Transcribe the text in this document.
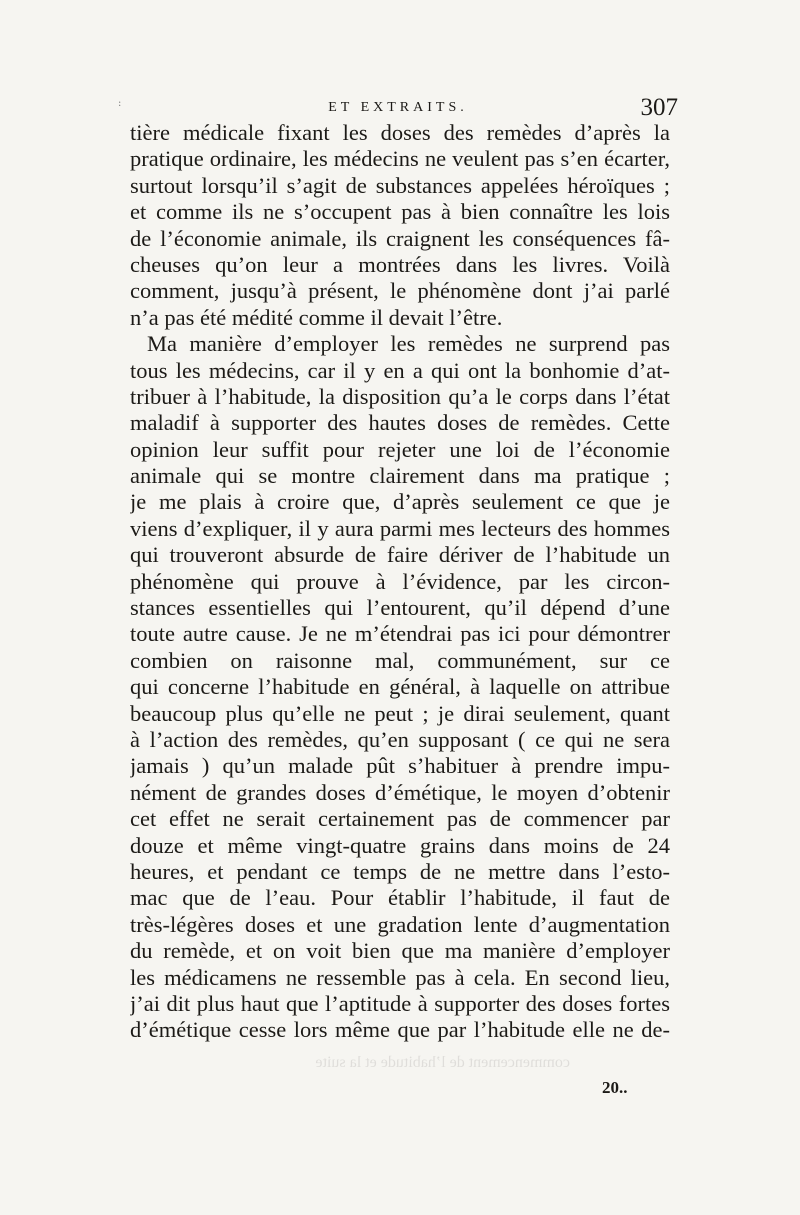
:	ET EXTRAITS.	307
tière médicale fixant les doses des remèdes d’après la
pratique ordinaire, les médecins ne veulent pas s’en écarter,
surtout lorsqu’il s’agit de substances appelées héroïques ;
et comme ils ne s’occupent pas à bien connaître les lois
de l’économie animale, ils craignent les conséquences fâ-
cheuses qu’on leur a montrées dans les livres. Voilà
comment, jusqu’à présent, le phénomène dont j’ai parlé
n’a pas été médité comme il devait l’être.
Ma manière d’employer les remèdes ne surprend pas
tous les médecins, car il y en a qui ont la bonhomie d’at-
tribuer à l’habitude, la disposition qu’a le corps dans l’état
maladif à supporter des hautes doses de remèdes. Cette
opinion leur suffit pour rejeter une loi de l’économie
animale qui se montre clairement dans ma pratique ;
je me plais à croire que, d’après seulement ce que je
viens d’expliquer, il y aura parmi mes lecteurs des hommes
qui trouveront absurde de faire dériver de l’habitude un
phénomène qui prouve à l’évidence, par les circon-
stances essentielles qui l’entourent, qu’il dépend d’une
toute autre cause. Je ne m’étendrai pas ici pour démontrer
combien on raisonne mal, communément, sur ce
qui concerne l’habitude en général, à laquelle on attribue
beaucoup plus qu’elle ne peut ; je dirai seulement, quant
à l’action des remèdes, qu’en supposant ( ce qui ne sera
jamais ) qu’un malade pût s’habituer à prendre impu-
nément de grandes doses d’émétique, le moyen d’obtenir
cet effet ne serait certainement pas de commencer par
douze et même vingt-quatre grains dans moins de 24
heures, et pendant ce temps de ne mettre dans l’esto-
mac que de l’eau. Pour établir l’habitude, il faut de
très-légères doses et une gradation lente d’augmentation
du remède, et on voit bien que ma manière d’employer
les médicamens ne ressemble pas à cela. En second lieu,
j’ai dit plus haut que l’aptitude à supporter des doses fortes
d’émétique cesse lors même que par l’habitude elle ne de-
20..
commencement de l’habitude et la suite
